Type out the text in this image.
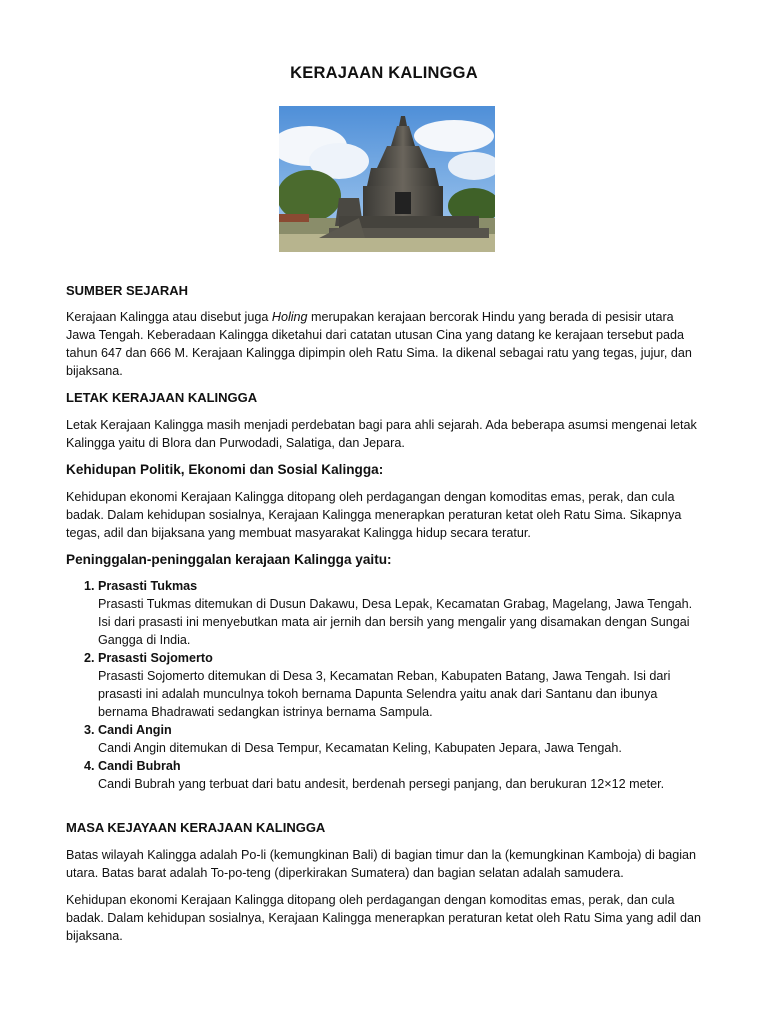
KERAJAAN KALINGGA
SUMBER SEJARAH

Kerajaan Kalingga atau disebut juga Holing merupakan kerajaan bercorak Hindu yang berada di pesisir utara Jawa Tengah. Keberadaan Kalingga diketahui dari catatan utusan Cina yang datang ke kerajaan tersebut pada tahun 647 dan 666 M. Kerajaan Kalingga dipimpin oleh Ratu Sima. Ia dikenal sebagai ratu yang tegas, jujur, dan bijaksana.

LETAK KERAJAAN KALINGGA

Letak Kerajaan Kalingga masih menjadi perdebatan bagi para ahli sejarah. Ada beberapa asumsi mengenai letak Kalingga yaitu di Blora dan Purwodadi, Salatiga, dan Jepara.

Kehidupan Politik, Ekonomi dan Sosial Kalingga:

Kehidupan ekonomi Kerajaan Kalingga ditopang oleh perdagangan dengan komoditas emas, perak, dan cula badak. Dalam kehidupan sosialnya, Kerajaan Kalingga menerapkan peraturan ketat oleh Ratu Sima. Sikapnya tegas, adil dan bijaksana yang membuat masyarakat Kalingga hidup secara teratur.

Peninggalan-peninggalan kerajaan Kalingga yaitu:
1. Prasasti Tukmas
Prasasti Tukmas ditemukan di Dusun Dakawu, Desa Lepak, Kecamatan Grabag, Magelang, Jawa Tengah. Isi dari prasasti ini menyebutkan mata air jernih dan bersih yang mengalir yang disamakan dengan Sungai Gangga di India.
2. Prasasti Sojomerto
Prasasti Sojomerto ditemukan di Desa 3, Kecamatan Reban, Kabupaten Batang, Jawa Tengah. Isi dari prasasti ini adalah munculnya tokoh bernama Dapunta Selendra yaitu anak dari Santanu dan ibunya bernama Bhadrawati sedangkan istrinya bernama Sampula.
3. Candi Angin
Candi Angin ditemukan di Desa Tempur, Kecamatan Keling, Kabupaten Jepara, Jawa Tengah.
4. Candi Bubrah
Candi Bubrah yang terbuat dari batu andesit, berdenah persegi panjang, dan berukuran 12×12 meter.
MASA KEJAYAAN KERAJAAN KALINGGA

Batas wilayah Kalingga adalah Po-li (kemungkinan Bali) di bagian timur dan la (kemungkinan Kamboja) di bagian utara. Batas barat adalah To-po-teng (diperkirakan Sumatera) dan bagian selatan adalah samudera.

Kehidupan ekonomi Kerajaan Kalingga ditopang oleh perdagangan dengan komoditas emas, perak, dan cula badak. Dalam kehidupan sosialnya, Kerajaan Kalingga menerapkan peraturan ketat oleh Ratu Sima yang adil dan bijaksana.
